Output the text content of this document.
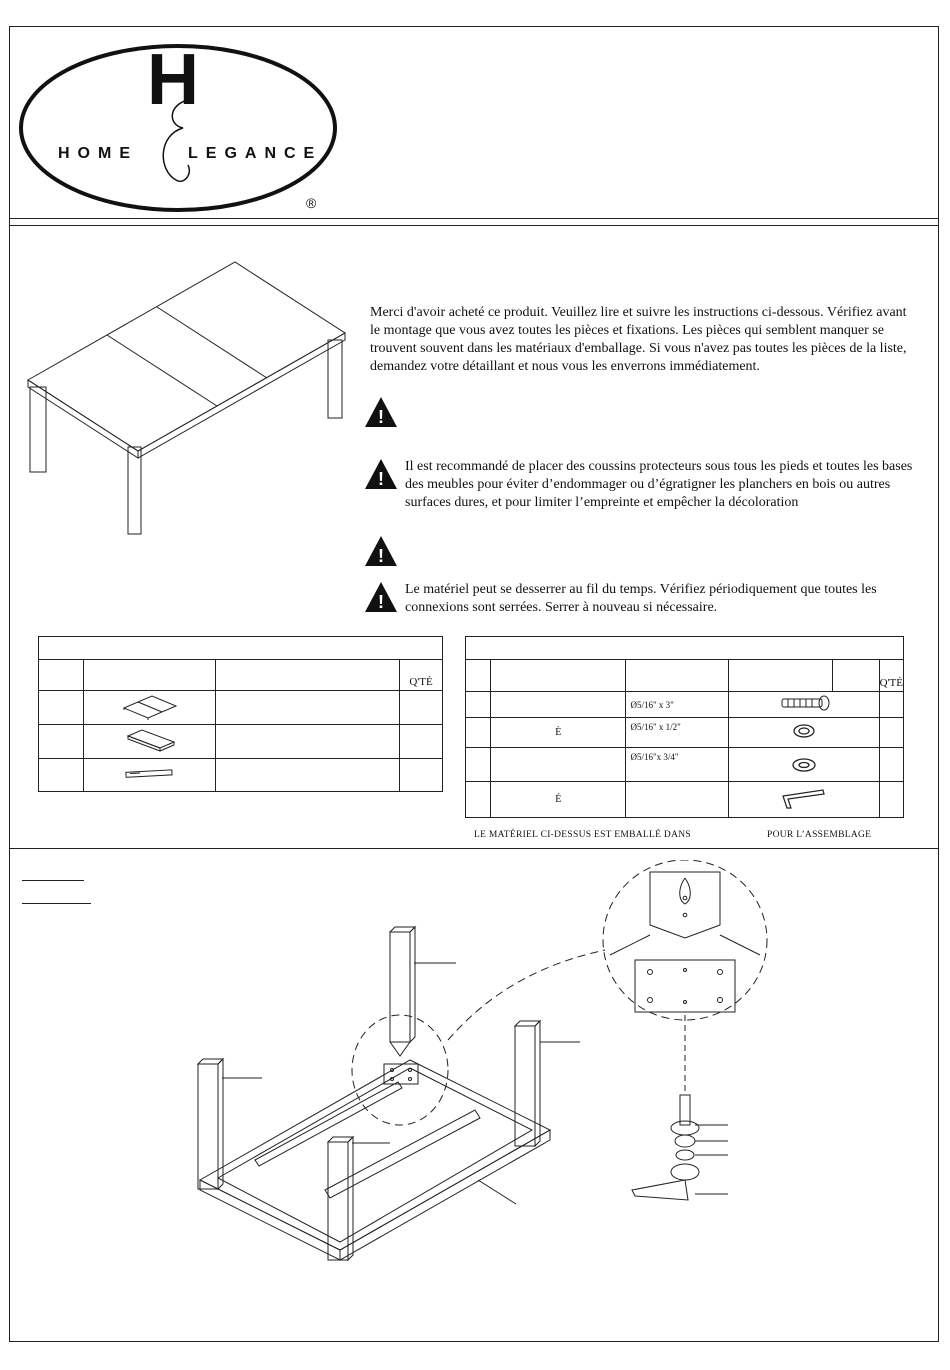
H
HOME	LEGANCE
®
Merci d'avoir acheté ce produit. Veuillez lire et suivre les instructions ci-dessous. Vérifiez avant le montage que vous avez toutes les pièces et fixations. Les pièces qui semblent manquer se trouvent souvent dans les matériaux d'emballage. Si vous n'avez pas toutes les pièces de la liste, demandez votre détaillant et nous vous les enverrons immédiatement.
!
!
Il est recommandé de placer des coussins protecteurs sous tous les pieds et toutes les bases des meubles pour éviter d’endommager ou d’égratigner les planchers en bois ou autres surfaces dures, et pour limiter l’empreinte et empêcher la décoloration
!
!
Le matériel peut se desserrer au fil du temps. Vérifiez périodiquement que toutes les connexions sont serrées. Serrer à nouveau si nécessaire.

			Q'TÉ

						Q'TÉ
		Ø5/16" x 3"		
	È	Ø5/16" x 1/2"		
		Ø5/16"x 3/4"		
	É			
LE MATÉRIEL CI-DESSUS EST EMBALLÉ DANS	POUR L’ASSEMBLAGE
